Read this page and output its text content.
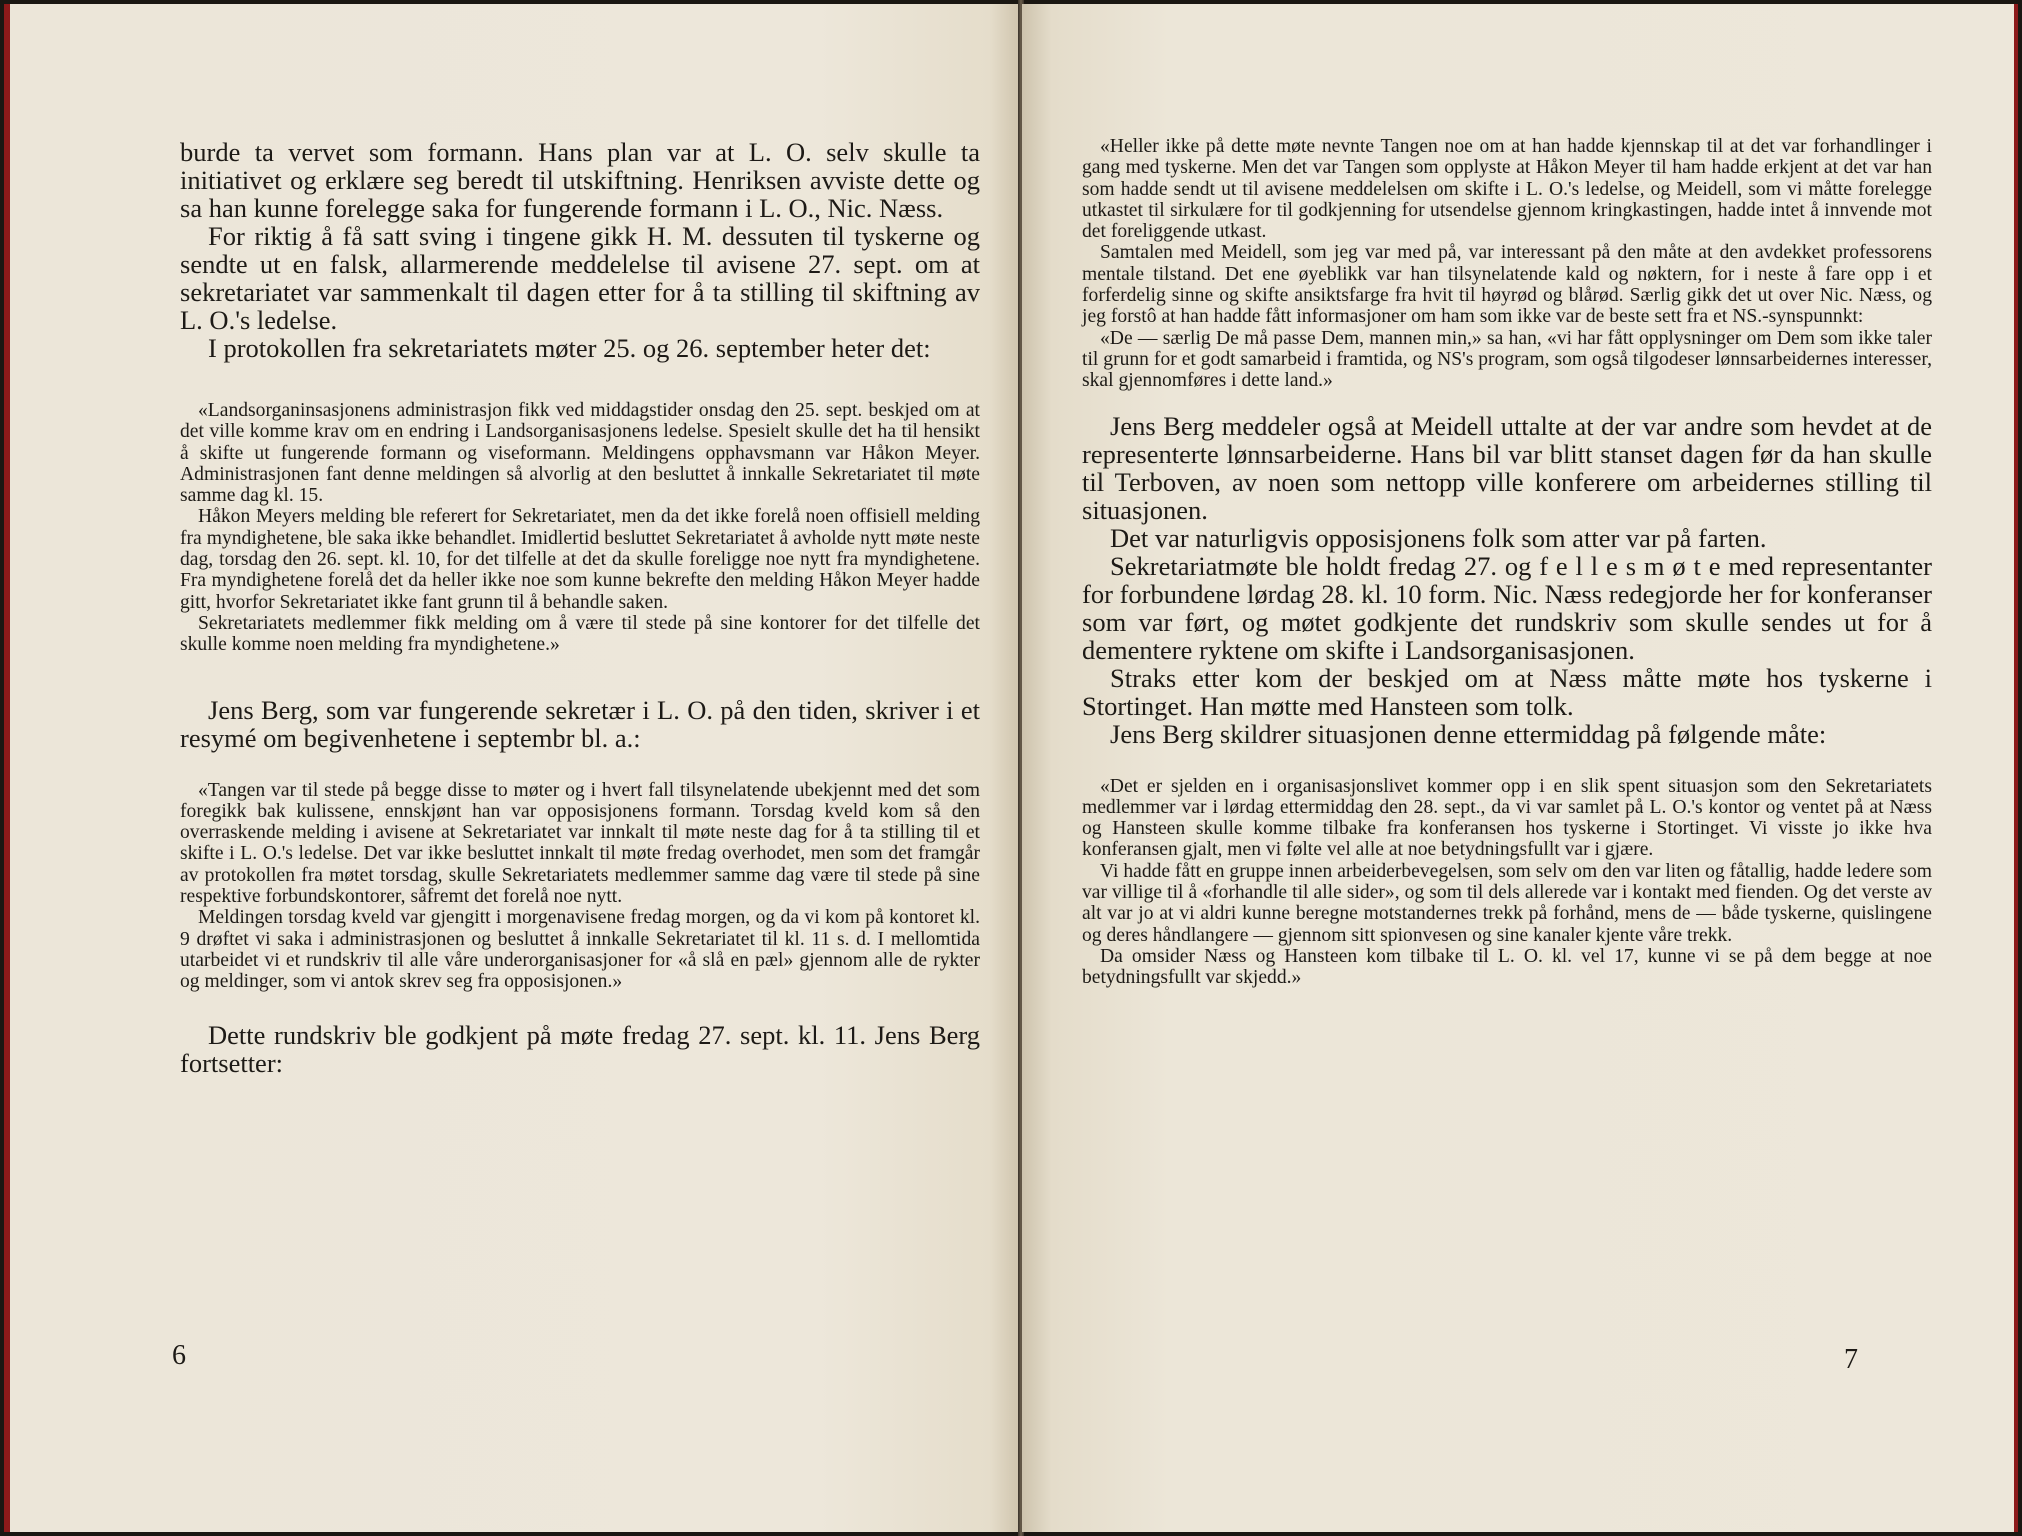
burde ta vervet som formann. Hans plan var at L. O. selv skulle ta initiativet og erklære seg beredt til utskiftning. Henriksen avviste dette og sa han kunne forelegge saka for fungerende formann i L. O., Nic. Næss.

For riktig å få satt sving i tingene gikk H. M. dessuten til tyskerne og sendte ut en falsk, allarmerende meddelelse til avisene 27. sept. om at sekretariatet var sammenkalt til dagen etter for å ta stilling til skiftning av L. O.'s ledelse.

I protokollen fra sekretariatets møter 25. og 26. september heter det:

«Landsorganinsasjonens administrasjon fikk ved middagstider onsdag den 25. sept. beskjed om at det ville komme krav om en endring i Landsorganisasjonens ledelse. Spesielt skulle det ha til hensikt å skifte ut fungerende formann og viseformann. Meldingens opphavsmann var Håkon Meyer. Administrasjonen fant denne meldingen så alvorlig at den besluttet å innkalle Sekretariatet til møte samme dag kl. 15.

Håkon Meyers melding ble referert for Sekretariatet, men da det ikke forelå noen offisiell melding fra myndighetene, ble saka ikke behandlet. Imidlertid besluttet Sekretariatet å avholde nytt møte neste dag, torsdag den 26. sept. kl. 10, for det tilfelle at det da skulle foreligge noe nytt fra myndighetene. Fra myndighetene forelå det da heller ikke noe som kunne bekrefte den melding Håkon Meyer hadde gitt, hvorfor Sekretariatet ikke fant grunn til å behandle saken.

Sekretariatets medlemmer fikk melding om å være til stede på sine kontorer for det tilfelle det skulle komme noen melding fra myndighetene.»

Jens Berg, som var fungerende sekretær i L. O. på den tiden, skriver i et resymé om begivenhetene i septembr bl. a.:

«Tangen var til stede på begge disse to møter og i hvert fall tilsynelatende ubekjennt med det som foregikk bak kulissene, ennskjønt han var opposisjonens formann. Torsdag kveld kom så den overraskende melding i avisene at Sekretariatet var innkalt til møte neste dag for å ta stilling til et skifte i L. O.'s ledelse. Det var ikke besluttet innkalt til møte fredag overhodet, men som det framgår av protokollen fra møtet torsdag, skulle Sekretariatets medlemmer samme dag være til stede på sine respektive forbundskontorer, såfremt det forelå noe nytt.

Meldingen torsdag kveld var gjengitt i morgenavisene fredag morgen, og da vi kom på kontoret kl. 9 drøftet vi saka i administrasjonen og besluttet å innkalle Sekretariatet til kl. 11 s. d. I mellomtida utarbeidet vi et rundskriv til alle våre underorganisasjoner for «å slå en pæl» gjennom alle de rykter og meldinger, som vi antok skrev seg fra opposisjonen.»

Dette rundskriv ble godkjent på møte fredag 27. sept. kl. 11. Jens Berg fortsetter:

6

«Heller ikke på dette møte nevnte Tangen noe om at han hadde kjennskap til at det var forhandlinger i gang med tyskerne. Men det var Tangen som opplyste at Håkon Meyer til ham hadde erkjent at det var han som hadde sendt ut til avisene meddelelsen om skifte i L. O.'s ledelse, og Meidell, som vi måtte forelegge utkastet til sirkulære for til godkjenning for utsendelse gjennom kringkastingen, hadde intet å innvende mot det foreliggende utkast.

Samtalen med Meidell, som jeg var med på, var interessant på den måte at den avdekket professorens mentale tilstand. Det ene øyeblikk var han tilsynelatende kald og nøktern, for i neste å fare opp i et forferdelig sinne og skifte ansiktsfarge fra hvit til høyrød og blårød. Særlig gikk det ut over Nic. Næss, og jeg forstô at han hadde fått informasjoner om ham som ikke var de beste sett fra et NS.-synspunnkt:

«De — særlig De må passe Dem, mannen min,» sa han, «vi har fått opplysninger om Dem som ikke taler til grunn for et godt samarbeid i framtida, og NS's program, som også tilgodeser lønnsarbeidernes interesser, skal gjennomføres i dette land.»

Jens Berg meddeler også at Meidell uttalte at der var andre som hevdet at de representerte lønnsarbeiderne. Hans bil var blitt stanset dagen før da han skulle til Terboven, av noen som nettopp ville konferere om arbeidernes stilling til situasjonen.

Det var naturligvis opposisjonens folk som atter var på farten.

Sekretariatmøte ble holdt fredag 27. og f e l l e s m ø t e med representanter for forbundene lørdag 28. kl. 10 form. Nic. Næss redegjorde her for konferanser som var ført, og møtet godkjente det rundskriv som skulle sendes ut for å dementere ryktene om skifte i Landsorganisasjonen.

Straks etter kom der beskjed om at Næss måtte møte hos tyskerne i Stortinget. Han møtte med Hansteen som tolk.

Jens Berg skildrer situasjonen denne ettermiddag på følgende måte:

«Det er sjelden en i organisasjonslivet kommer opp i en slik spent situasjon som den Sekretariatets medlemmer var i lørdag ettermiddag den 28. sept., da vi var samlet på L. O.'s kontor og ventet på at Næss og Hansteen skulle komme tilbake fra konferansen hos tyskerne i Stortinget. Vi visste jo ikke hva konferansen gjalt, men vi følte vel alle at noe betydningsfullt var i gjære.

Vi hadde fått en gruppe innen arbeiderbevegelsen, som selv om den var liten og fåtallig, hadde ledere som var villige til å «forhandle til alle sider», og som til dels allerede var i kontakt med fienden. Og det verste av alt var jo at vi aldri kunne beregne motstandernes trekk på forhånd, mens de — både tyskerne, quislingene og deres håndlangere — gjennom sitt spionvesen og sine kanaler kjente våre trekk.

Da omsider Næss og Hansteen kom tilbake til L. O. kl. vel 17, kunne vi se på dem begge at noe betydningsfullt var skjedd.»

7
